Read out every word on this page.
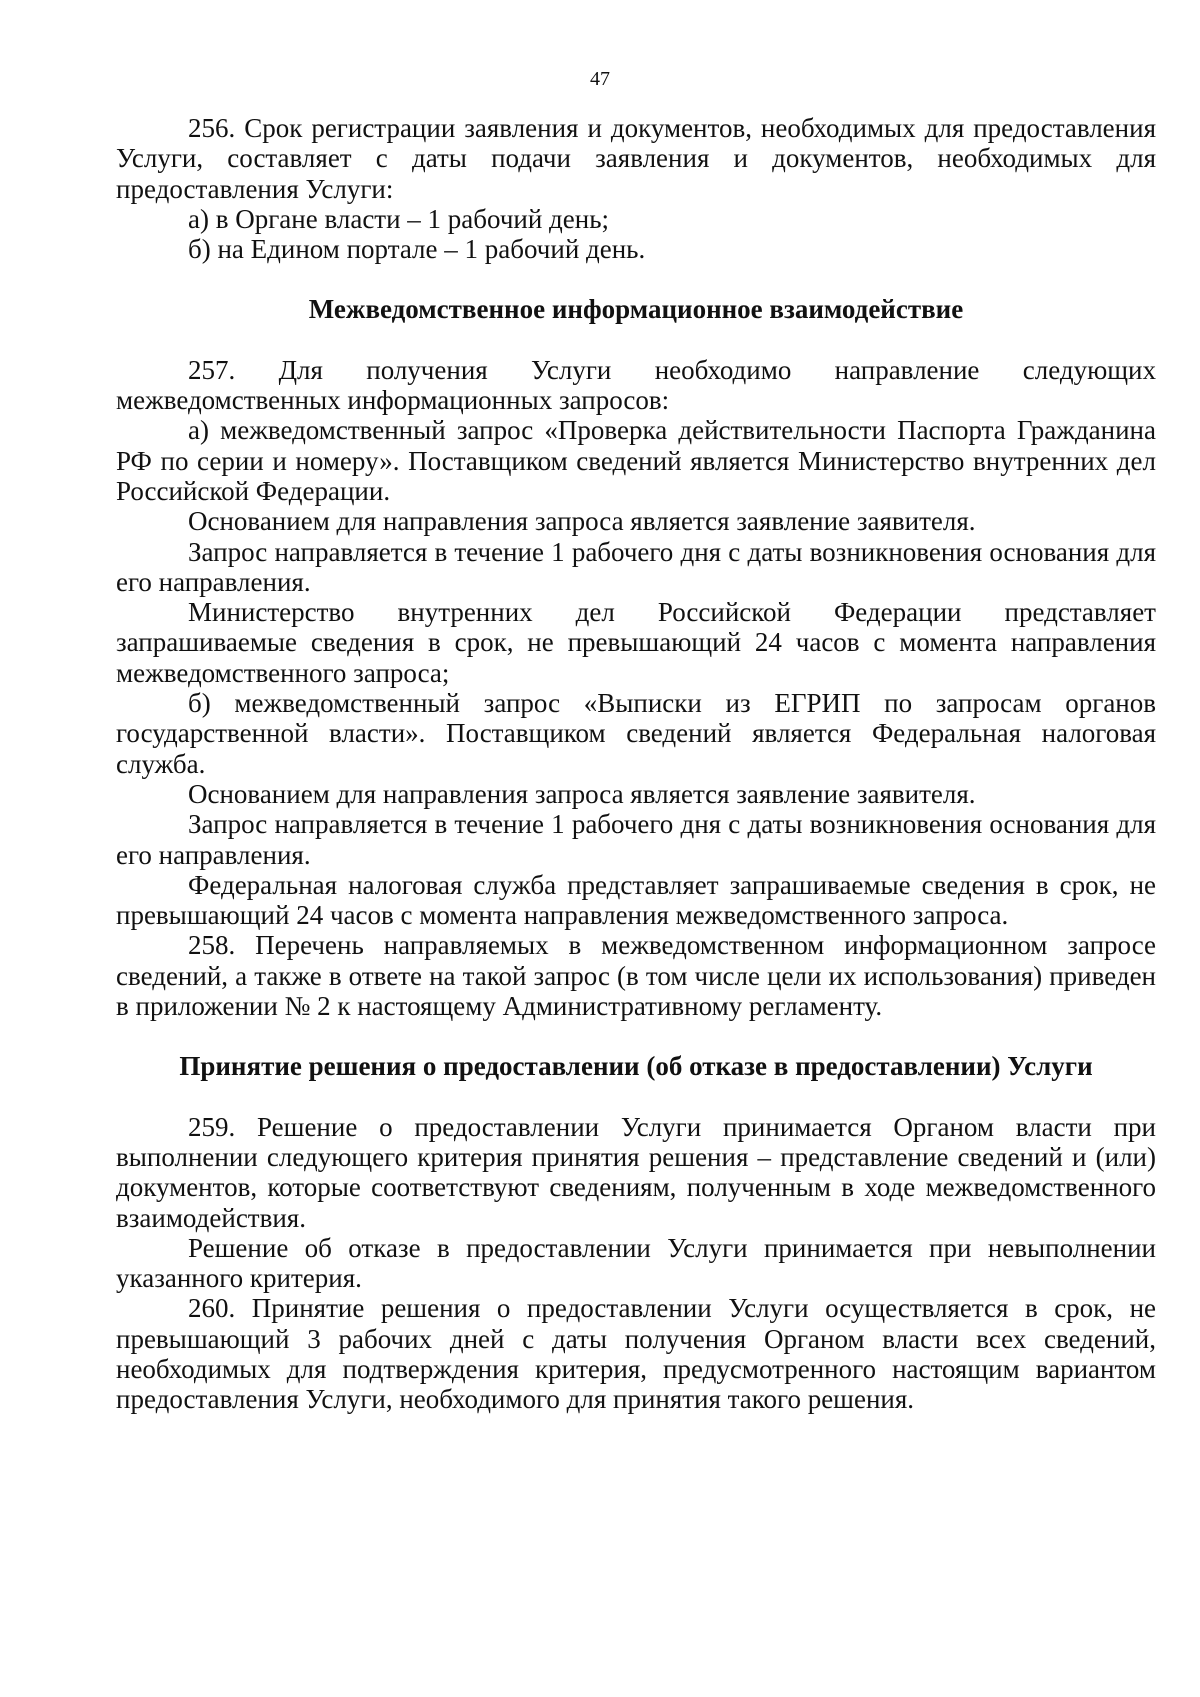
47

256. Срок регистрации заявления и документов, необходимых для предоставления Услуги, составляет с даты подачи заявления и документов, необходимых для предоставления Услуги:

а) в Органе власти – 1 рабочий день;

б) на Едином портале – 1 рабочий день.

Межведомственное информационное взаимодействие

257. Для получения Услуги необходимо направление следующих межведомственных информационных запросов:

а) межведомственный запрос «Проверка действительности Паспорта Гражданина РФ по серии и номеру». Поставщиком сведений является Министерство внутренних дел Российской Федерации.

Основанием для направления запроса является заявление заявителя.

Запрос направляется в течение 1 рабочего дня с даты возникновения основания для его направления.

Министерство внутренних дел Российской Федерации представляет запрашиваемые сведения в срок, не превышающий 24 часов с момента направления межведомственного запроса;

б) межведомственный запрос «Выписки из ЕГРИП по запросам органов государственной власти». Поставщиком сведений является Федеральная налоговая служба.

Основанием для направления запроса является заявление заявителя.

Запрос направляется в течение 1 рабочего дня с даты возникновения основания для его направления.

Федеральная налоговая служба представляет запрашиваемые сведения в срок, не превышающий 24 часов с момента направления межведомственного запроса.

258. Перечень направляемых в межведомственном информационном запросе сведений, а также в ответе на такой запрос (в том числе цели их использования) приведен в приложении № 2 к настоящему Административному регламенту.

Принятие решения о предоставлении (об отказе в предоставлении) Услуги

259. Решение о предоставлении Услуги принимается Органом власти при выполнении следующего критерия принятия решения – представление сведений и (или) документов, которые соответствуют сведениям, полученным в ходе межведомственного взаимодействия.

Решение об отказе в предоставлении Услуги принимается при невыполнении указанного критерия.

260. Принятие решения о предоставлении Услуги осуществляется в срок, не превышающий 3 рабочих дней с даты получения Органом власти всех сведений, необходимых для подтверждения критерия, предусмотренного настоящим вариантом предоставления Услуги, необходимого для принятия такого решения.
